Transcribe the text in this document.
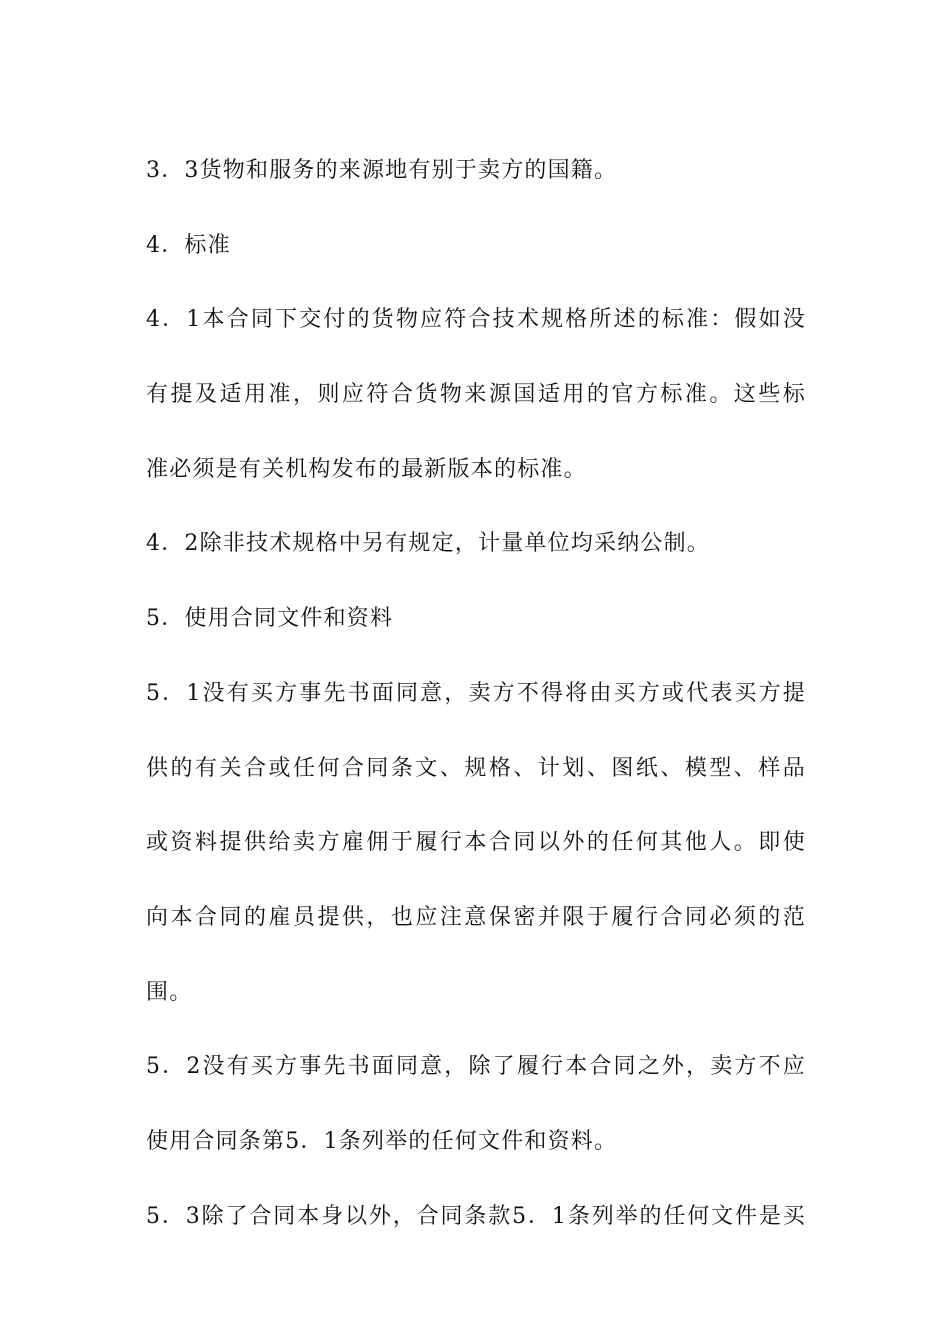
3．3货物和服务的来源地有别于卖方的国籍。
4．标准
4．1本合同下交付的货物应符合技术规格所述的标准：假如没
有提及适用准，则应符合货物来源国适用的官方标准。这些标
准必须是有关机构发布的最新版本的标准。
4．2除非技术规格中另有规定，计量单位均采纳公制。
5．使用合同文件和资料
5．1没有买方事先书面同意，卖方不得将由买方或代表买方提
供的有关合或任何合同条文、规格、计划、图纸、模型、样品
或资料提供给卖方雇佣于履行本合同以外的任何其他人。即使
向本合同的雇员提供，也应注意保密并限于履行合同必须的范
围。
5．2没有买方事先书面同意，除了履行本合同之外，卖方不应
使用合同条第5．1条列举的任何文件和资料。
5．3除了合同本身以外，合同条款5．1条列举的任何文件是买
